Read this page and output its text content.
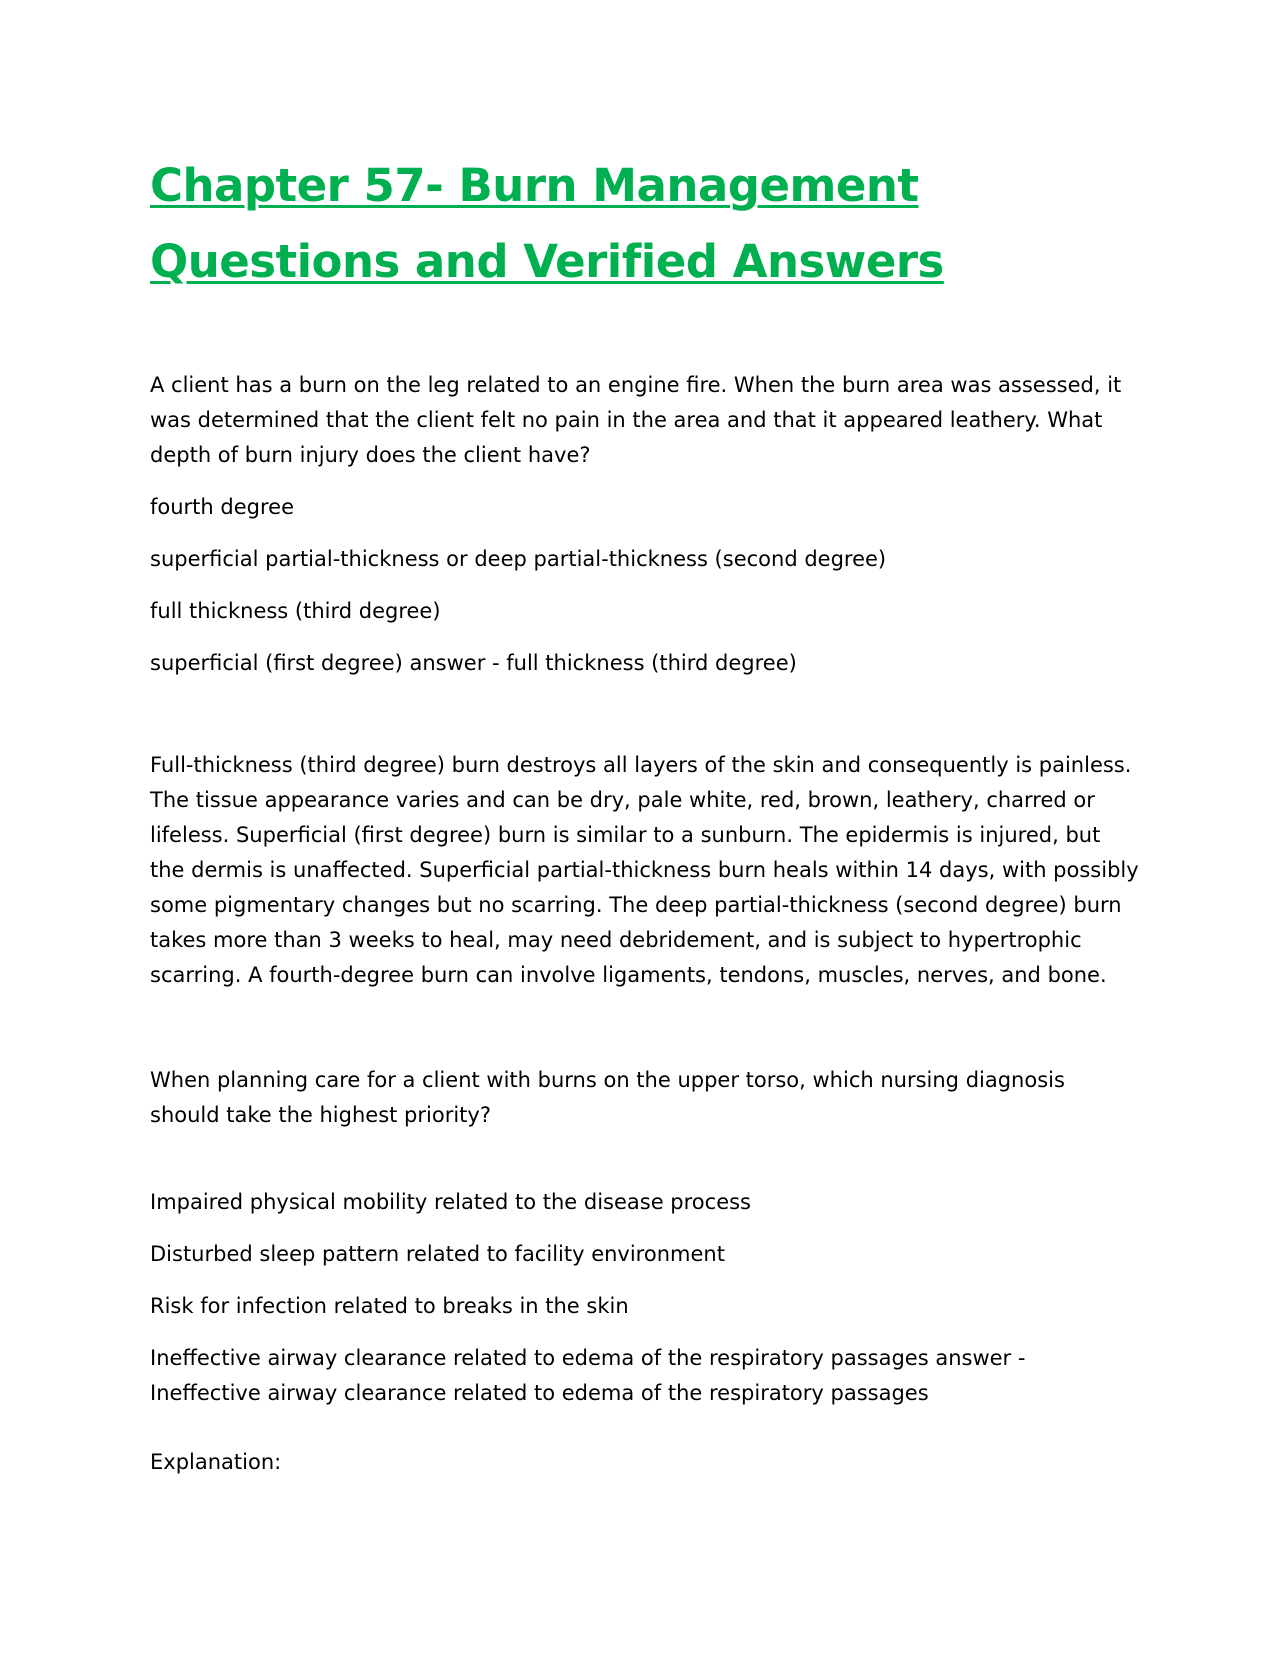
Chapter 57- Burn Management Questions and Verified Answers

A client has a burn on the leg related to an engine fire. When the burn area was assessed, it was determined that the client felt no pain in the area and that it appeared leathery. What depth of burn injury does the client have?

fourth degree

superficial partial-thickness or deep partial-thickness (second degree)

full thickness (third degree)

superficial (first degree) answer - full thickness (third degree)

Full-thickness (third degree) burn destroys all layers of the skin and consequently is painless. The tissue appearance varies and can be dry, pale white, red, brown, leathery, charred or lifeless. Superficial (first degree) burn is similar to a sunburn. The epidermis is injured, but the dermis is unaffected. Superficial partial-thickness burn heals within 14 days, with possibly some pigmentary changes but no scarring. The deep partial-thickness (second degree) burn takes more than 3 weeks to heal, may need debridement, and is subject to hypertrophic scarring. A fourth-degree burn can involve ligaments, tendons, muscles, nerves, and bone.

When planning care for a client with burns on the upper torso, which nursing diagnosis should take the highest priority?

Impaired physical mobility related to the disease process

Disturbed sleep pattern related to facility environment

Risk for infection related to breaks in the skin

Ineffective airway clearance related to edema of the respiratory passages answer - Ineffective airway clearance related to edema of the respiratory passages

Explanation:
